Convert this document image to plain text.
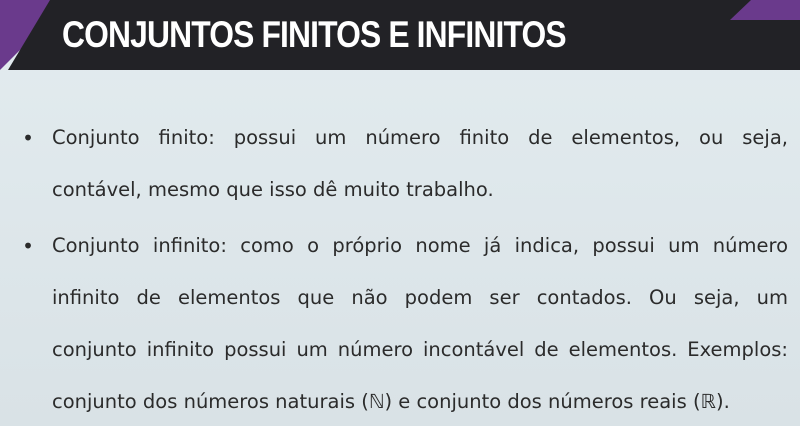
CONJUNTOS FINITOS E INFINITOS
• Conjunto finito: possui um número finito de elementos, ou seja,
contável, mesmo que isso dê muito trabalho.
• Conjunto infinito: como o próprio nome já indica, possui um número
infinito de elementos que não podem ser contados. Ou seja, um
conjunto infinito possui um número incontável de elementos. Exemplos:
conjunto dos números naturais (ℕ) e conjunto dos números reais (ℝ).
